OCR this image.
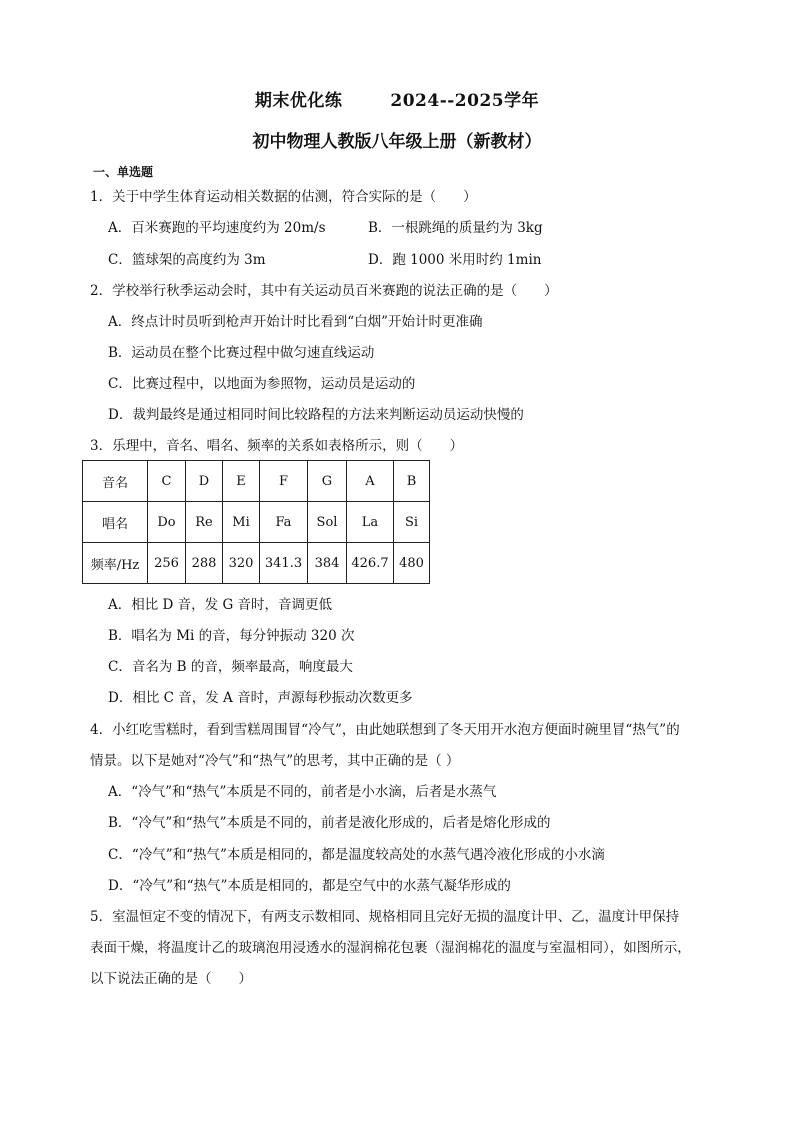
期末优化练	2024--2025学年
初中物理人教版八年级上册（新教材）
一、单选题
1．关于中学生体育运动相关数据的估测，符合实际的是（　　）
A．百米赛跑的平均速度约为 20m/s	B．一根跳绳的质量约为 3kg
C．篮球架的高度约为 3m	D．跑 1000 米用时约 1min
2．学校举行秋季运动会时，其中有关运动员百米赛跑的说法正确的是（　　）
A．终点计时员听到枪声开始计时比看到“白烟”开始计时更准确
B．运动员在整个比赛过程中做匀速直线运动
C．比赛过程中，以地面为参照物，运动员是运动的
D．裁判最终是通过相同时间比较路程的方法来判断运动员运动快慢的
3．乐理中，音名、唱名、频率的关系如表格所示，则（　　）
音名	C	D	E	F	G	A	B
唱名	Do	Re	Mi	Fa	Sol	La	Si
频率/Hz	256	288	320	341.3	384	426.7	480
A．相比 D 音，发 G 音时，音调更低
B．唱名为 Mi 的音，每分钟振动 320 次
C．音名为 B 的音，频率最高，响度最大
D．相比 C 音，发 A 音时，声源每秒振动次数更多
4．小红吃雪糕时，看到雪糕周围冒“冷气”，由此她联想到了冬天用开水泡方便面时碗里冒“热气”的
情景。以下是她对“冷气”和“热气”的思考，其中正确的是（ ）
A．“冷气”和“热气”本质是不同的，前者是小水滴，后者是水蒸气
B．“冷气”和“热气”本质是不同的，前者是液化形成的，后者是熔化形成的
C．“冷气”和“热气”本质是相同的，都是温度较高处的水蒸气遇冷液化形成的小水滴
D．“冷气”和“热气”本质是相同的，都是空气中的水蒸气凝华形成的
5．室温恒定不变的情况下，有两支示数相同、规格相同且完好无损的温度计甲、乙，温度计甲保持
表面干燥，将温度计乙的玻璃泡用浸透水的湿润棉花包裹（湿润棉花的温度与室温相同），如图所示，
以下说法正确的是（　　）
